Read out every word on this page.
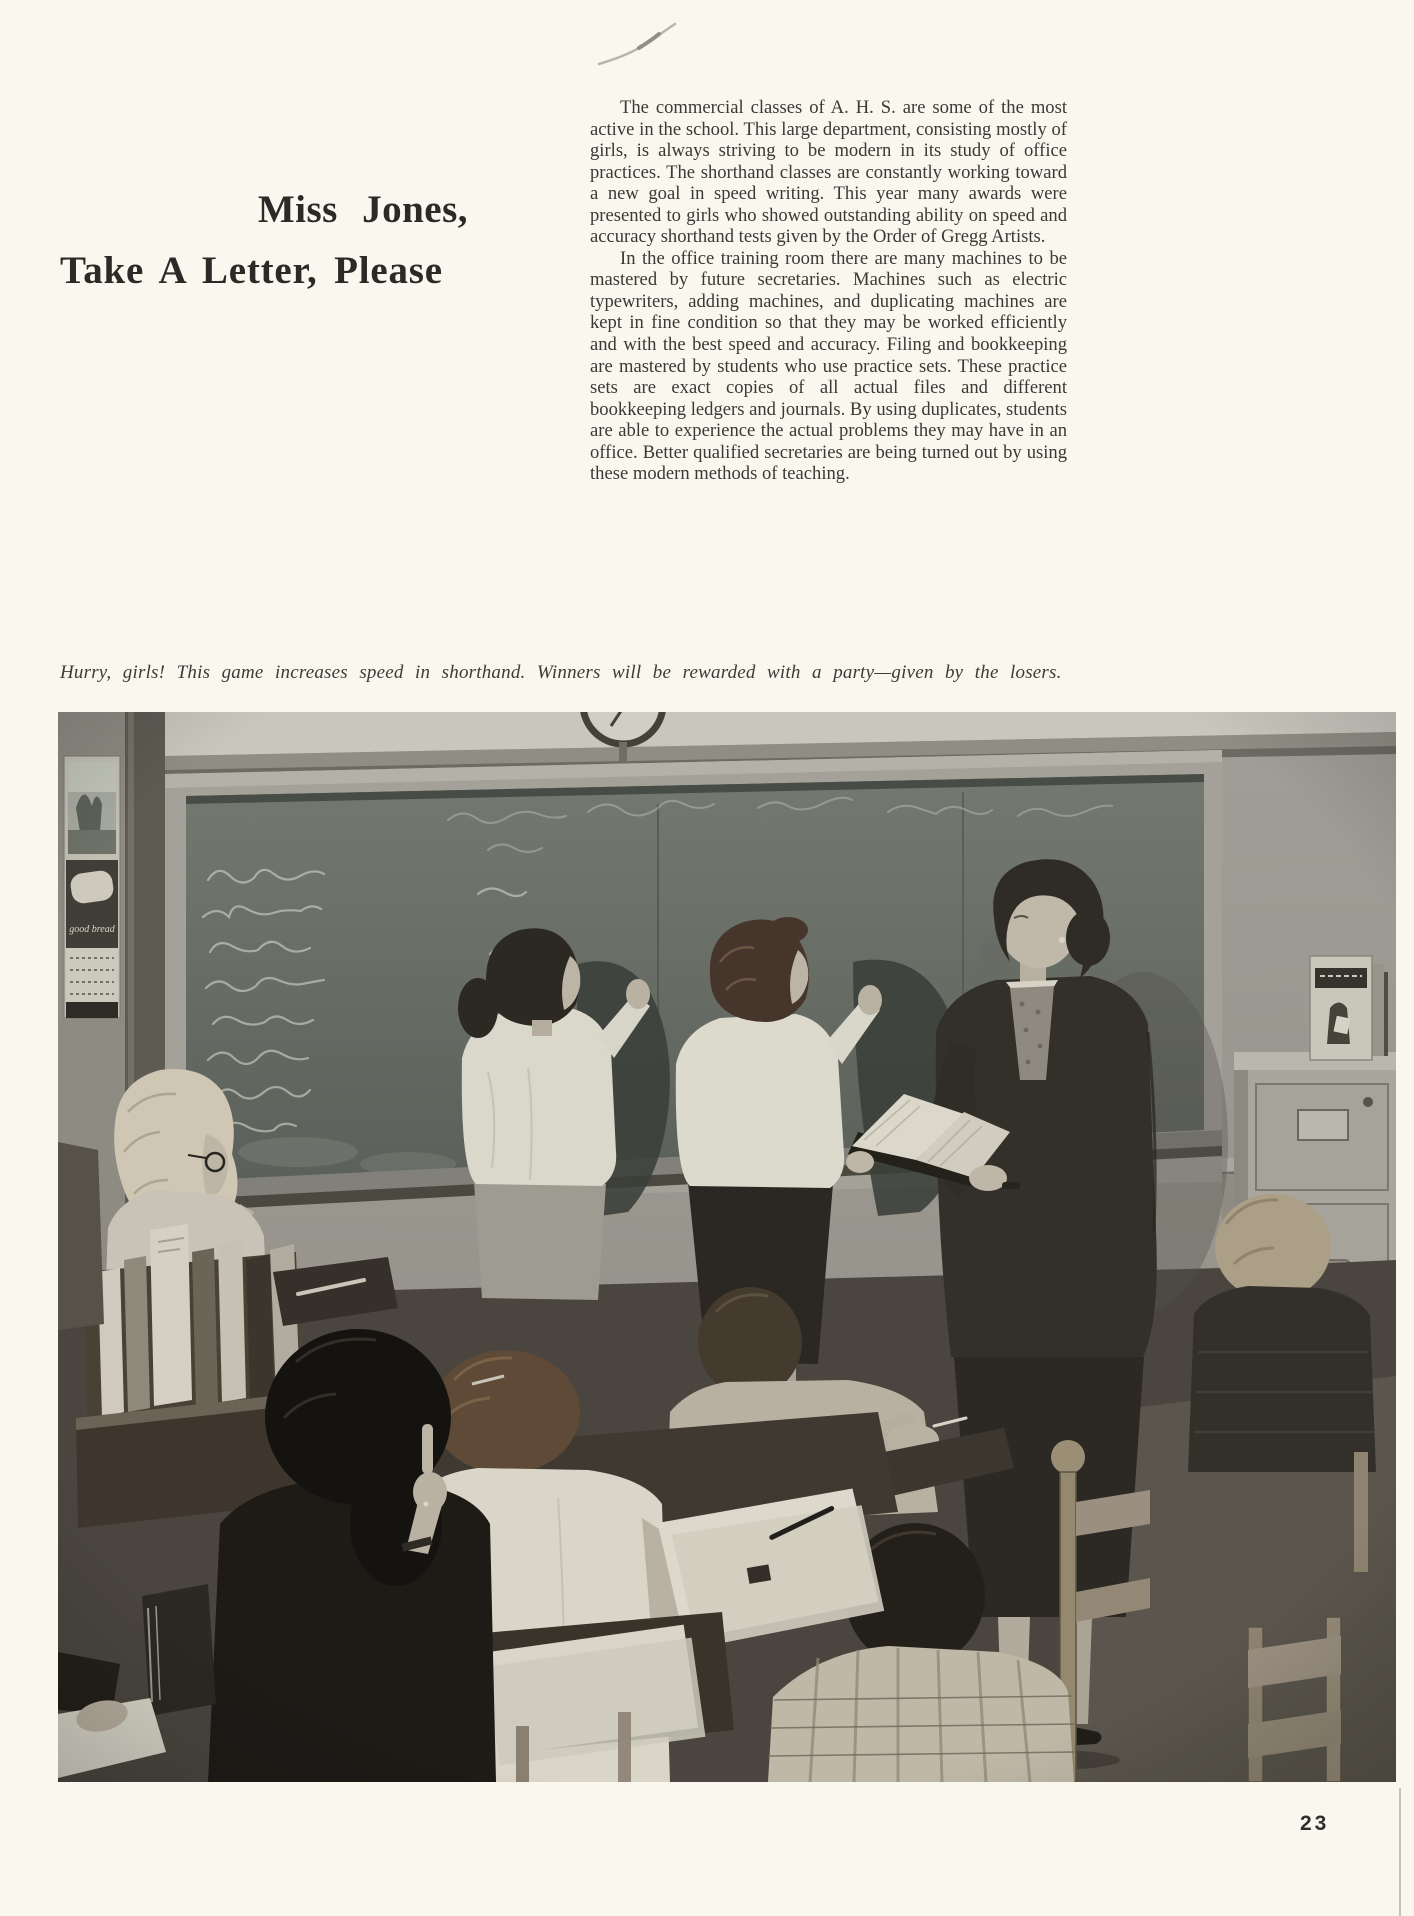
Miss Jones,
Take A Letter, Please

The commercial classes of A. H. S. are some of the most active in the school. This large department, consisting mostly of girls, is always striving to be modern in its study of office practices. The shorthand classes are constantly working toward a new goal in speed writing. This year many awards were presented to girls who showed outstanding ability on speed and accuracy shorthand tests given by the Order of Gregg Artists.

In the office training room there are many machines to be mastered by future secretaries. Machines such as electric typewriters, adding machines, and duplicating machines are kept in fine condition so that they may be worked efficiently and with the best speed and accuracy. Filing and bookkeeping are mastered by students who use practice sets. These practice sets are exact copies of all actual files and different bookkeeping ledgers and journals. By using duplicates, students are able to experience the actual problems they may have in an office. Better qualified secretaries are being turned out by using these modern methods of teaching.

Hurry, girls! This game increases speed in shorthand. Winners will be rewarded with a party—given by the losers.
23
